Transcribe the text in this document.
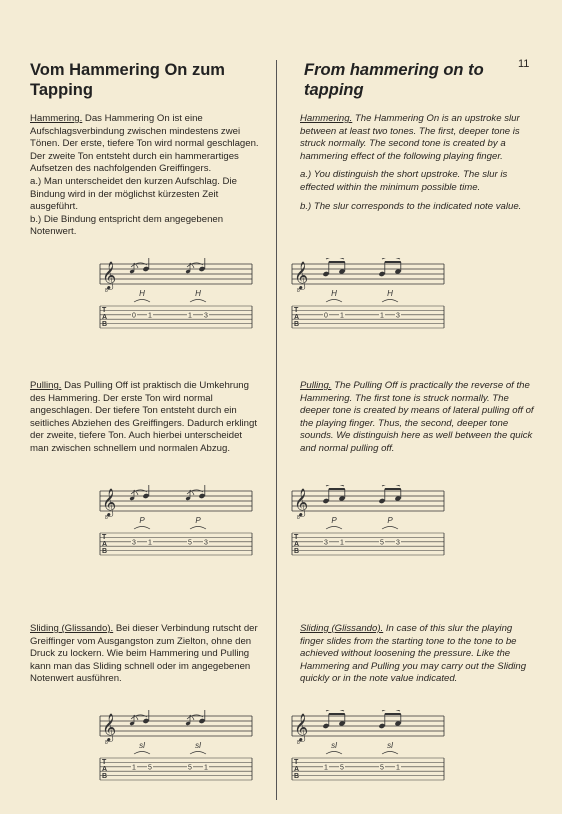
11
Vom Hammering On zum Tapping
From hammering on to tapping

Hammering. Das Hammering On ist eine Aufschlagsverbindung zwischen mindestens zwei Tönen. Der erste, tiefere Ton wird normal geschlagen. Der zweite Ton entsteht durch ein hammerartiges Aufsetzen des nachfolgenden Greiffingers.

a.) Man unterscheidet den kurzen Aufschlag. Die Bindung wird in der möglichst kürzesten Zeit ausgeführt.

b.) Die Bindung entspricht dem angegebenen Notenwert.

Hammering. The Hammering On is an upstroke slur between at least two tones. The first, deeper tone is struck normally. The second tone is created by a hammering effect of the following playing finger.

a.) You distinguish the short upstroke. The slur is effected within the minimum possible time.

b.) The slur corresponds to the indicated note value.

Pulling. Das Pulling Off ist praktisch die Umkehrung des Hammering. Der erste Ton wird normal angeschlagen. Der tiefere Ton entsteht durch ein seitliches Abziehen des Greiffingers. Dadurch erklingt der zweite, tiefere Ton. Auch hierbei unterscheidet man zwischen schnellem und normalen Abzug.

Pulling. The Pulling Off is practically the reverse of the Hammering. The first tone is struck normally. The deeper tone is created by means of lateral pulling off of the playing finger. Thus, the second, deeper tone sounds. We distinguish here as well between the quick and normal pulling off.

Sliding (Glissando). Bei dieser Verbindung rutscht der Greiffinger vom Ausgangston zum Zielton, ohne den Druck zu lockern. Wie beim Hammering und Pulling kann man das Sliding schnell oder im angegebenen Notenwert ausführen.

Sliding (Glissando). In case of this slur the playing finger slides from the starting tone to the tone to be achieved without loosening the pressure. Like the Hammering and Pulling you may carry out the Sliding quickly or in the note value indicated.

𝄞
8
T
A
B
0 1
H
1 3
H
𝄞
8
T
A
B
0 1
H
1 3
H
𝄞
8
T
A
B
3 1
P
5 3
P
𝄞
8
T
A
B
3 1
P
5 3
P
𝄞
8
T
A
B
1 5
sl
5 1
sl
𝄞
8
T
A
B
1 5
sl
5 1
sl
